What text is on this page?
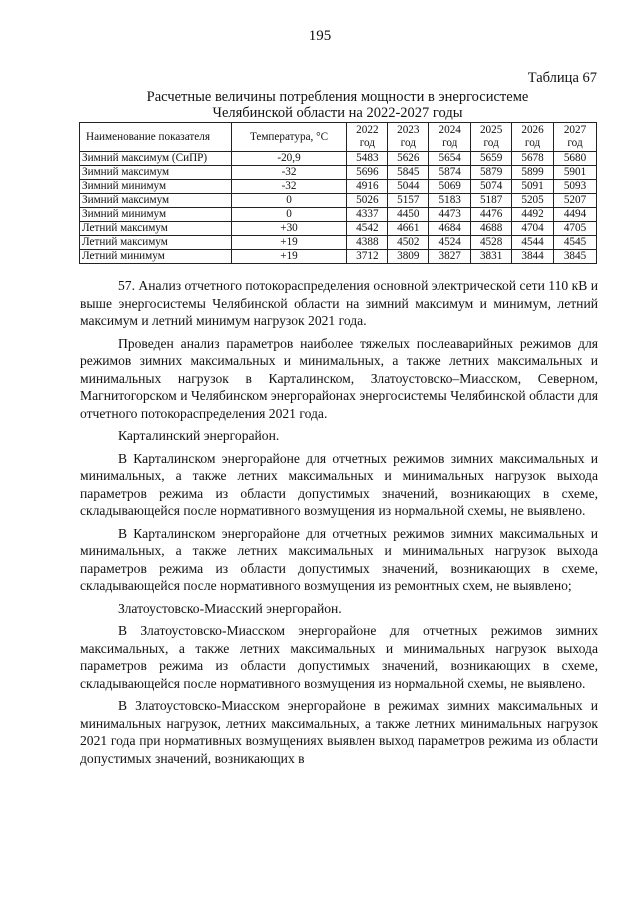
195
Таблица 67
Расчетные величины потребления мощности в энергосистеме
Челябинской области на 2022-2027 годы
Наименование показателя	Температура, °С	2022 год	2023 год	2024 год	2025 год	2026 год	2027 год
Зимний максимум (СиПР)	-20,9	5483	5626	5654	5659	5678	5680
Зимний максимум	-32	5696	5845	5874	5879	5899	5901
Зимний минимум	-32	4916	5044	5069	5074	5091	5093
Зимний максимум	0	5026	5157	5183	5187	5205	5207
Зимний минимум	0	4337	4450	4473	4476	4492	4494
Летний максимум	+30	4542	4661	4684	4688	4704	4705
Летний максимум	+19	4388	4502	4524	4528	4544	4545
Летний минимум	+19	3712	3809	3827	3831	3844	3845

57. Анализ отчетного потокораспределения основной электрической сети 110 кВ и выше энергосистемы Челябинской области на зимний максимум и минимум, летний максимум и летний минимум нагрузок 2021 года.

Проведен анализ параметров наиболее тяжелых послеаварийных режимов для режимов зимних максимальных и минимальных, а также летних максимальных и минимальных нагрузок в Карталинском, Златоустовско–Миасском, Северном, Магнитогорском и Челябинском энергорайонах энергосистемы Челябинской области для отчетного потокораспределения 2021 года.

Карталинский энергорайон.

В Карталинском энергорайоне для отчетных режимов зимних максимальных и минимальных, а также летних максимальных и минимальных нагрузок выхода параметров режима из области допустимых значений, возникающих в схеме, складывающейся после нормативного возмущения из нормальной схемы, не выявлено.

В Карталинском энергорайоне для отчетных режимов зимних максимальных и минимальных, а также летних максимальных и минимальных нагрузок выхода параметров режима из области допустимых значений, возникающих в схеме, складывающейся после нормативного возмущения из ремонтных схем, не выявлено;

Златоустовско-Миасский энергорайон.

В Златоустовско-Миасском энергорайоне для отчетных режимов зимних максимальных, а также летних максимальных и минимальных нагрузок выхода параметров режима из области допустимых значений, возникающих в схеме, складывающейся после нормативного возмущения из нормальной схемы, не выявлено.

В Златоустовско-Миасском энергорайоне в режимах зимних максимальных и минимальных нагрузок, летних максимальных, а также летних минимальных нагрузок 2021 года при нормативных возмущениях выявлен выход параметров режима из области допустимых значений, возникающих в
